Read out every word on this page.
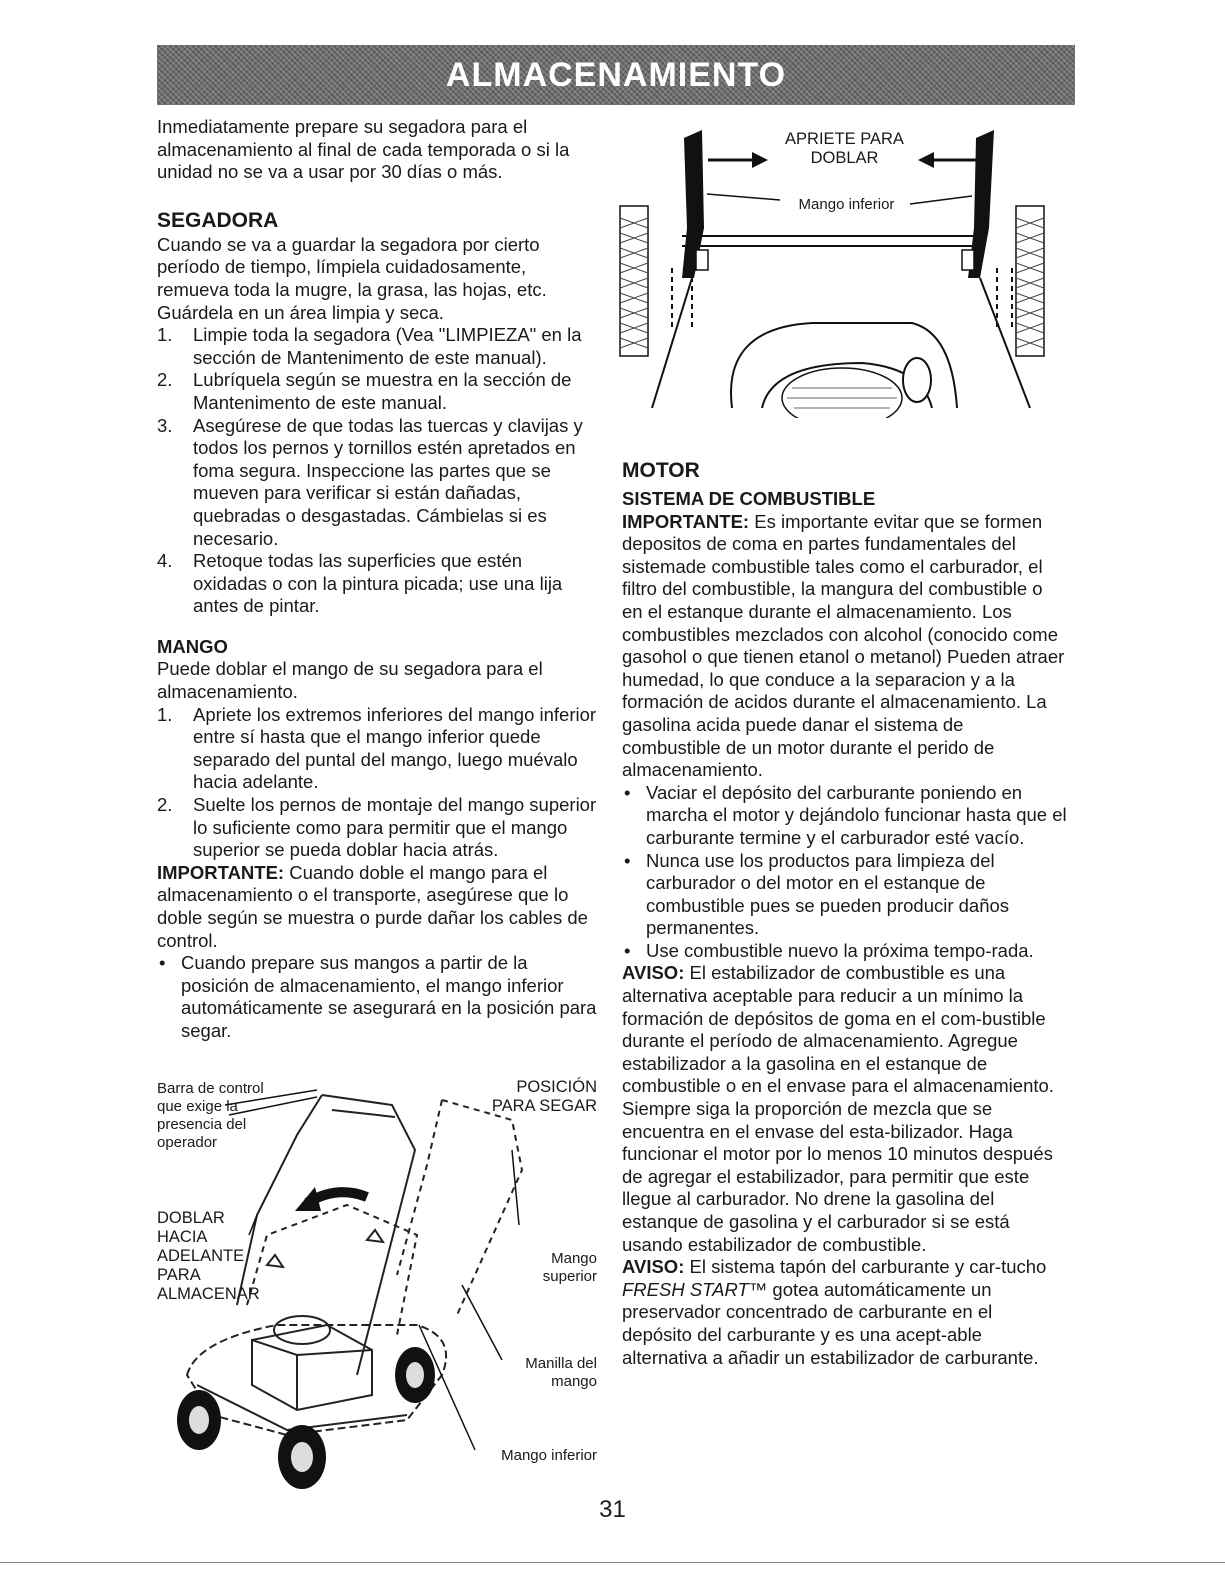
ALMACENAMIENTO

Inmediatamente prepare su segadora para el almacenamiento al final de cada temporada o si la unidad no se va a usar por 30 días o más.

SEGADORA

Cuando se va a guardar la segadora por cierto período de tiempo, límpiela cuidadosamente, remueva toda la mugre, la grasa, las hojas, etc. Guárdela en un área limpia y seca.

1. Limpie toda la segadora (Vea "LIMPIEZA" en la sección de Mantenimento de este manual).
2. Lubríquela según se muestra en la sección de Mantenimento de este manual.
3. Asegúrese de que todas las tuercas y clavijas y todos los pernos y tornillos estén apretados en foma segura. Inspeccione las partes que se mueven para verificar si están dañadas, quebradas o desgastadas. Cámbielas si es necesario.
4. Retoque todas las superficies que estén oxidadas o con la pintura picada; use una lija antes de pintar.
MANGO

Puede doblar el mango de su segadora para el almacenamiento.

1. Apriete los extremos inferiores del mango inferior entre sí hasta que el mango inferior quede separado del puntal del mango, luego muévalo hacia adelante.
2. Suelte los pernos de montaje del mango superior lo suficiente como para permitir que el mango superior se pueda doblar hacia atrás.

IMPORTANTE: Cuando doble el mango para el almacenamiento o el transporte, asegúrese que lo doble según se muestra o purde dañar los cables de control.

• Cuando prepare sus mangos a partir de la posición de almacenamiento, el mango inferior automáticamente se asegurará en la posición para segar.
Barra de control que exige la presencia del operador
POSICIÓN PARA SEGAR
DOBLAR HACIA ADELANTE PARA ALMACENAR
Mango superior
Manilla del mango
Mango inferior
APRIETE PARA DOBLAR
Mango inferior
MOTOR
SISTEMA DE COMBUSTIBLE

IMPORTANTE: Es importante evitar que se formen depositos de coma en partes fundamentales del sistemade combustible tales como el carburador, el filtro del combustible, la mangura del combustible o en el estanque durante el almacenamiento. Los combustibles mezclados con alcohol (conocido come gasohol o que tienen etanol o metanol) Pueden atraer humedad, lo que conduce a la separacion y a la formación de acidos durante el almacenamiento. La gasolina acida puede danar el sistema de combustible de un motor durante el perido de almacenamiento.

• Vaciar el depósito del carburante poniendo en marcha el motor y dejándolo funcionar hasta que el carburante termine y el carburador esté vacío.
• Nunca use los productos para limpieza del carburador o del motor en el estanque de combustible pues se pueden producir daños permanentes.
• Use combustible nuevo la próxima tempo-rada.

AVISO: El estabilizador de combustible es una alternativa aceptable para reducir a un mínimo la formación de depósitos de goma en el com-bustible durante el período de almacenamiento. Agregue estabilizador a la gasolina en el estanque de combustible o en el envase para el almacenamiento. Siempre siga la proporción de mezcla que se encuentra en el envase del esta-bilizador. Haga funcionar el motor por lo menos 10 minutos después de agregar el estabilizador, para permitir que este llegue al carburador. No drene la gasolina del estanque de gasolina y el carburador si se está usando estabilizador de combustible.

AVISO: El sistema tapón del carburante y car-tucho FRESH START™ gotea automáticamente un preservador concentrado de carburante en el depósito del carburante y es una acept-able alternativa a añadir un estabilizador de carburante.

31
